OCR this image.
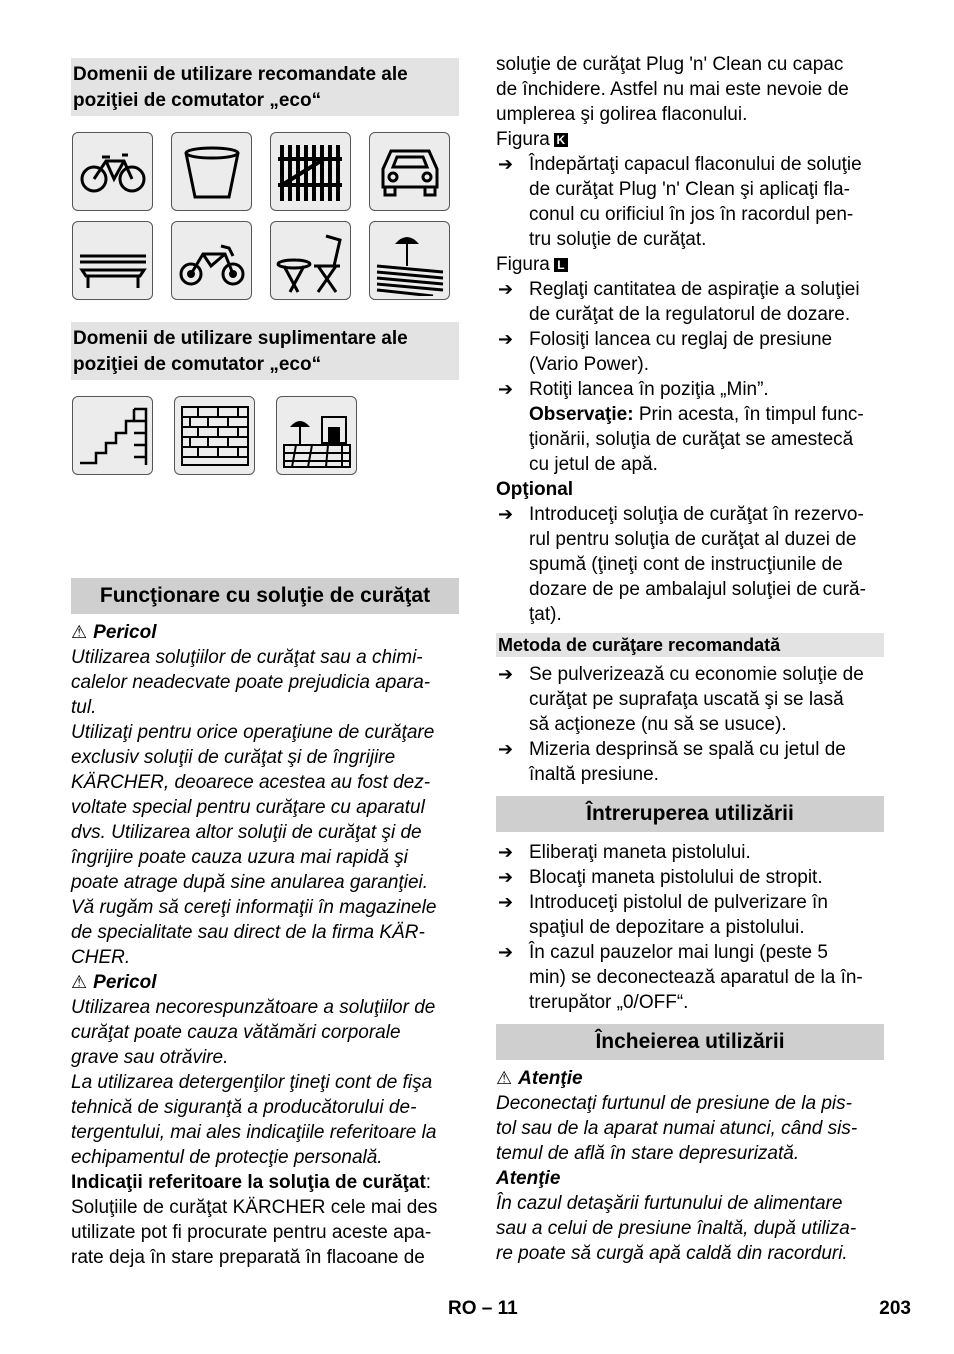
Domenii de utilizare recomandate ale
poziţiei de comutator „eco“
Domenii de utilizare suplimentare ale
poziţiei de comutator „eco“
Funcţionare cu soluţie de curăţat
⚠ Pericol

Utilizarea soluţiilor de curăţat sau a chimi-

calelor neadecvate poate prejudicia apara-

tul.

Utilizaţi pentru orice operaţiune de curăţare

exclusiv soluţii de curăţat şi de îngrijire

KÄRCHER, deoarece acestea au fost dez-

voltate special pentru curăţare cu aparatul

dvs. Utilizarea altor soluţii de curăţat şi de

îngrijire poate cauza uzura mai rapidă şi

poate atrage după sine anularea garanţiei.

Vă rugăm să cereţi informaţii în magazinele

de specialitate sau direct de la firma KÄR-

CHER.

⚠ Pericol

Utilizarea necorespunzătoare a soluţiilor de

curăţat poate cauza vătămări corporale

grave sau otrăvire.

La utilizarea detergenţilor ţineţi cont de fişa

tehnică de siguranţă a producătorului de-

tergentului, mai ales indicaţiile referitoare la

echipamentul de protecţie personală.

Indicaţii referitoare la soluţia de curăţat:

Soluţiile de curăţat KÄRCHER cele mai des

utilizate pot fi procurate pentru aceste apa-

rate deja în stare preparată în flacoane de

soluţie de curăţat Plug 'n' Clean cu capac

de închidere. Astfel nu mai este nevoie de

umplerea şi golirea flaconului.

Figura K

➔ Îndepărtaţi capacul flaconului de soluţie
de curăţat Plug 'n' Clean şi aplicaţi fla-
conul cu orificiul în jos în racordul pen-
tru soluţie de curăţat.

Figura L

➔ Reglaţi cantitatea de aspiraţie a soluţiei
de curăţat de la regulatorul de dozare.
➔ Folosiţi lancea cu reglaj de presiune
(Vario Power).
➔ Rotiţi lancea în poziţia „Min”.
Observaţie: Prin acesta, în timpul func-
ţionării, soluţia de curăţat se amestecă
cu jetul de apă.

Opţional

➔ Introduceţi soluţia de curăţat în rezervo-
rul pentru soluţia de curăţat al duzei de
spumă (ţineţi cont de instrucţiunile de
dozare de pe ambalajul soluţiei de cură-
ţat).
Metoda de curăţare recomandată
➔ Se pulverizează cu economie soluţie de
curăţat pe suprafaţa uscată şi se lasă
să acţioneze (nu să se usuce).
➔ Mizeria desprinsă se spală cu jetul de
înaltă presiune.
Întreruperea utilizării
➔ Eliberaţi maneta pistolului.
➔ Blocaţi maneta pistolului de stropit.
➔ Introduceţi pistolul de pulverizare în
spaţiul de depozitare a pistolului.
➔ În cazul pauzelor mai lungi (peste 5
min) se deconectează aparatul de la în-
trerupător „0/OFF“.
Încheierea utilizării
⚠ Atenţie

Deconectaţi furtunul de presiune de la pis-

tol sau de la aparat numai atunci, când sis-

temul de află în stare depresurizată.

Atenţie

În cazul detaşării furtunului de alimentare

sau a celui de presiune înaltă, după utiliza-

re poate să curgă apă caldă din racorduri.

RO – 11	203
